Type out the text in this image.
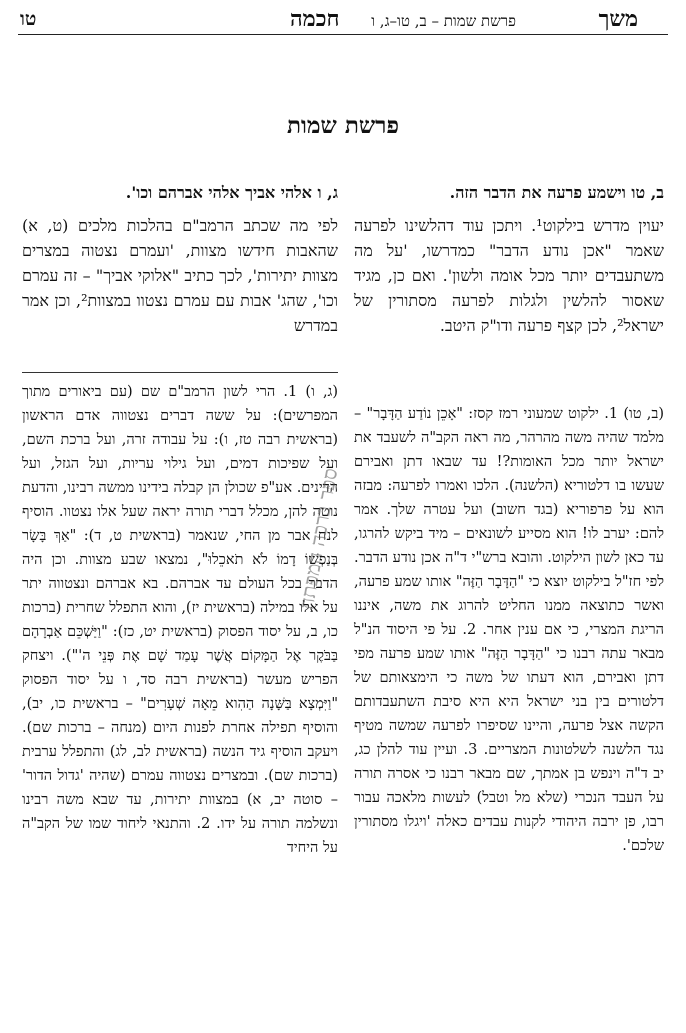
משך
פרשת שמות – ב, טו–ג, ו
חכמה
טו
פרשת שמות

ב, טו וישמע פרעה את הדבר הזה.

יעוין מדרש בילקוט¹. ויתכן עוד דהלשינו לפרעה שאמר "אכן נודע הדבר" כמדרשו, 'על מה משתעבדים יותר מכל אומה ולשון'. ואם כן, מגיד שאסור להלשין ולגלות לפרעה מסתורין של ישראל², לכן קצף פרעה ודו"ק היטב.

(ב, טו) 1. ילקוט שמעוני רמז קסז: "אָכֵן נוֹדַע הַדָּבָר" – מלמד שהיה משה מהרהר, מה ראה הקב"ה לשעבד את ישראל יותר מכל האומות?! עד שבאו דתן ואבירם שעשו בו דלטוריא (הלשנה). הלכו ואמרו לפרעה: מבזה הוא על פרפוריא (בגד חשוב) ועל עטרה שלך. אמר להם: יערב לו! הוא מסייע לשונאים – מיד ביקש להרגו, עד כאן לשון הילקוט. והובא ברש"י ד"ה אכן נודע הדבר. לפי חז"ל בילקוט יוצא כי "הַדָּבָר הַזֶּה" אותו שמע פרעה, ואשר כתוצאה ממנו החליט להרוג את משה, איננו הריגת המצרי, כי אם ענין אחר. 2. על פי היסוד הנ"ל מבאר עתה רבנו כי "הַדָּבָר הַזֶּה" אותו שמע פרעה מפי דתן ואבירם, הוא דעתו של משה כי הימצאותם של דלטורים בין בני ישראל היא היא סיבת השתעבדותם הקשה אצל פרעה, והיינו שסיפרו לפרעה שמשה מטיף נגד הלשנה לשלטונות המצריים. 3. ועיין עוד להלן כג, יב ד"ה וינפש בן אמתך, שם מבאר רבנו כי אסרה תורה על העבד הנכרי (שלא מל וטבל) לעשות מלאכה עבור רבו, פן ירבה היהודי לקנות עבדים כאלה 'ויגלו מסתורין שלכם'.

ג, ו אלהי אביך אלהי אברהם וכו'.

לפי מה שכתב הרמב"ם בהלכות מלכים (ט, א) שהאבות חידשו מצוות, 'ועמרם נצטוה במצרים מצוות יתירות', לכך כתיב "אלוקי אביך" – זה עמרם וכו', שהג' אבות עם עמרם נצטוו במצוות², וכן אמר במדרש

(ג, ו) 1. הרי לשון הרמב"ם שם (עם ביאורים מתוך המפרשים): על ששה דברים נצטווה אדם הראשון (בראשית רבה טז, ו): על עבודה זרה, ועל ברכת השם, ועל שפיכות דמים, ועל גילוי עריות, ועל הגזל, ועל הדינים. אע"פ שכולן הן קבלה בידינו ממשה רבינו, והדעת נוטה להן, מכלל דברי תורה יראה שעל אלו נצטוו. הוסיף לנח אבר מן החי, שנאמר (בראשית ט, ד): "אַךְ בָּשָׂר בְּנַפְשׁוֹ דָמוֹ לֹא תֹאכֵלוּ", נמצאו שבע מצוות. וכן היה הדבר בכל העולם עד אברהם. בא אברהם ונצטווה יתר על אלו במילה (בראשית יז), והוא התפלל שחרית (ברכות כו, ב, על יסוד הפסוק (בראשית יט, כז): "וַיַּשְׁכֵּם אַבְרָהָם בַּבֹּקֶר אֶל הַמָּקוֹם אֲשֶׁר עָמַד שָׁם אֶת פְּנֵי ה'"). ויצחק הפריש מעשר (בראשית רבה סד, ו על יסוד הפסוק "וַיִּמְצָא בַּשָּׁנָה הַהִוא מֵאָה שְׁעָרִים" – בראשית כו, יב), והוסיף תפילה אחרת לפנות היום (מנחה – ברכות שם). ויעקב הוסיף גיד הנשה (בראשית לב, לג) והתפלל ערבית (ברכות שם). ובמצרים נצטווה עמרם (שהיה 'גדול הדור' – סוטה יב, א) במצוות יתירות, עד שבא משה רבינו ונשלמה תורה על ידו. 2. והתנאי ליחוד שמו של הקב"ה על היחיד

ספר ברכה המפתח
